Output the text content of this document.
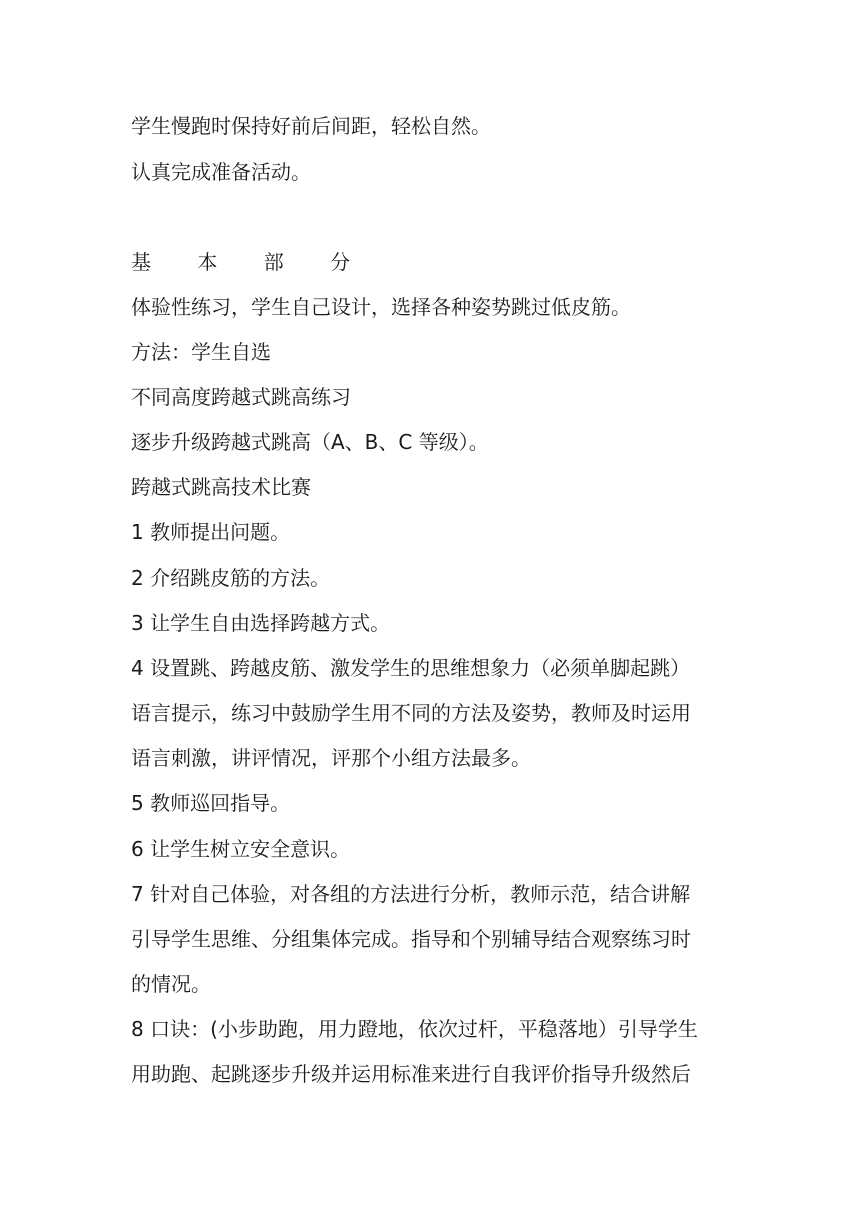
学生慢跑时保持好前后间距，轻松自然。
认真完成准备活动。
基 本 部 分
体验性练习，学生自己设计，选择各种姿势跳过低皮筋。
方法：学生自选
不同高度跨越式跳高练习
逐步升级跨越式跳高（A、B、C 等级）。
跨越式跳高技术比赛
1 教师提出问题。
2 介绍跳皮筋的方法。
3 让学生自由选择跨越方式。
4 设置跳、跨越皮筋、激发学生的思维想象力（必须单脚起跳）
语言提示，练习中鼓励学生用不同的方法及姿势，教师及时运用
语言刺激，讲评情况，评那个小组方法最多。
5 教师巡回指导。
6 让学生树立安全意识。
7 针对自己体验，对各组的方法进行分析，教师示范，结合讲解
引导学生思维、分组集体完成。指导和个别辅导结合观察练习时
的情况。
8 口诀：(小步助跑，用力蹬地，依次过杆，平稳落地）引导学生
用助跑、起跳逐步升级并运用标准来进行自我评价指导升级然后
